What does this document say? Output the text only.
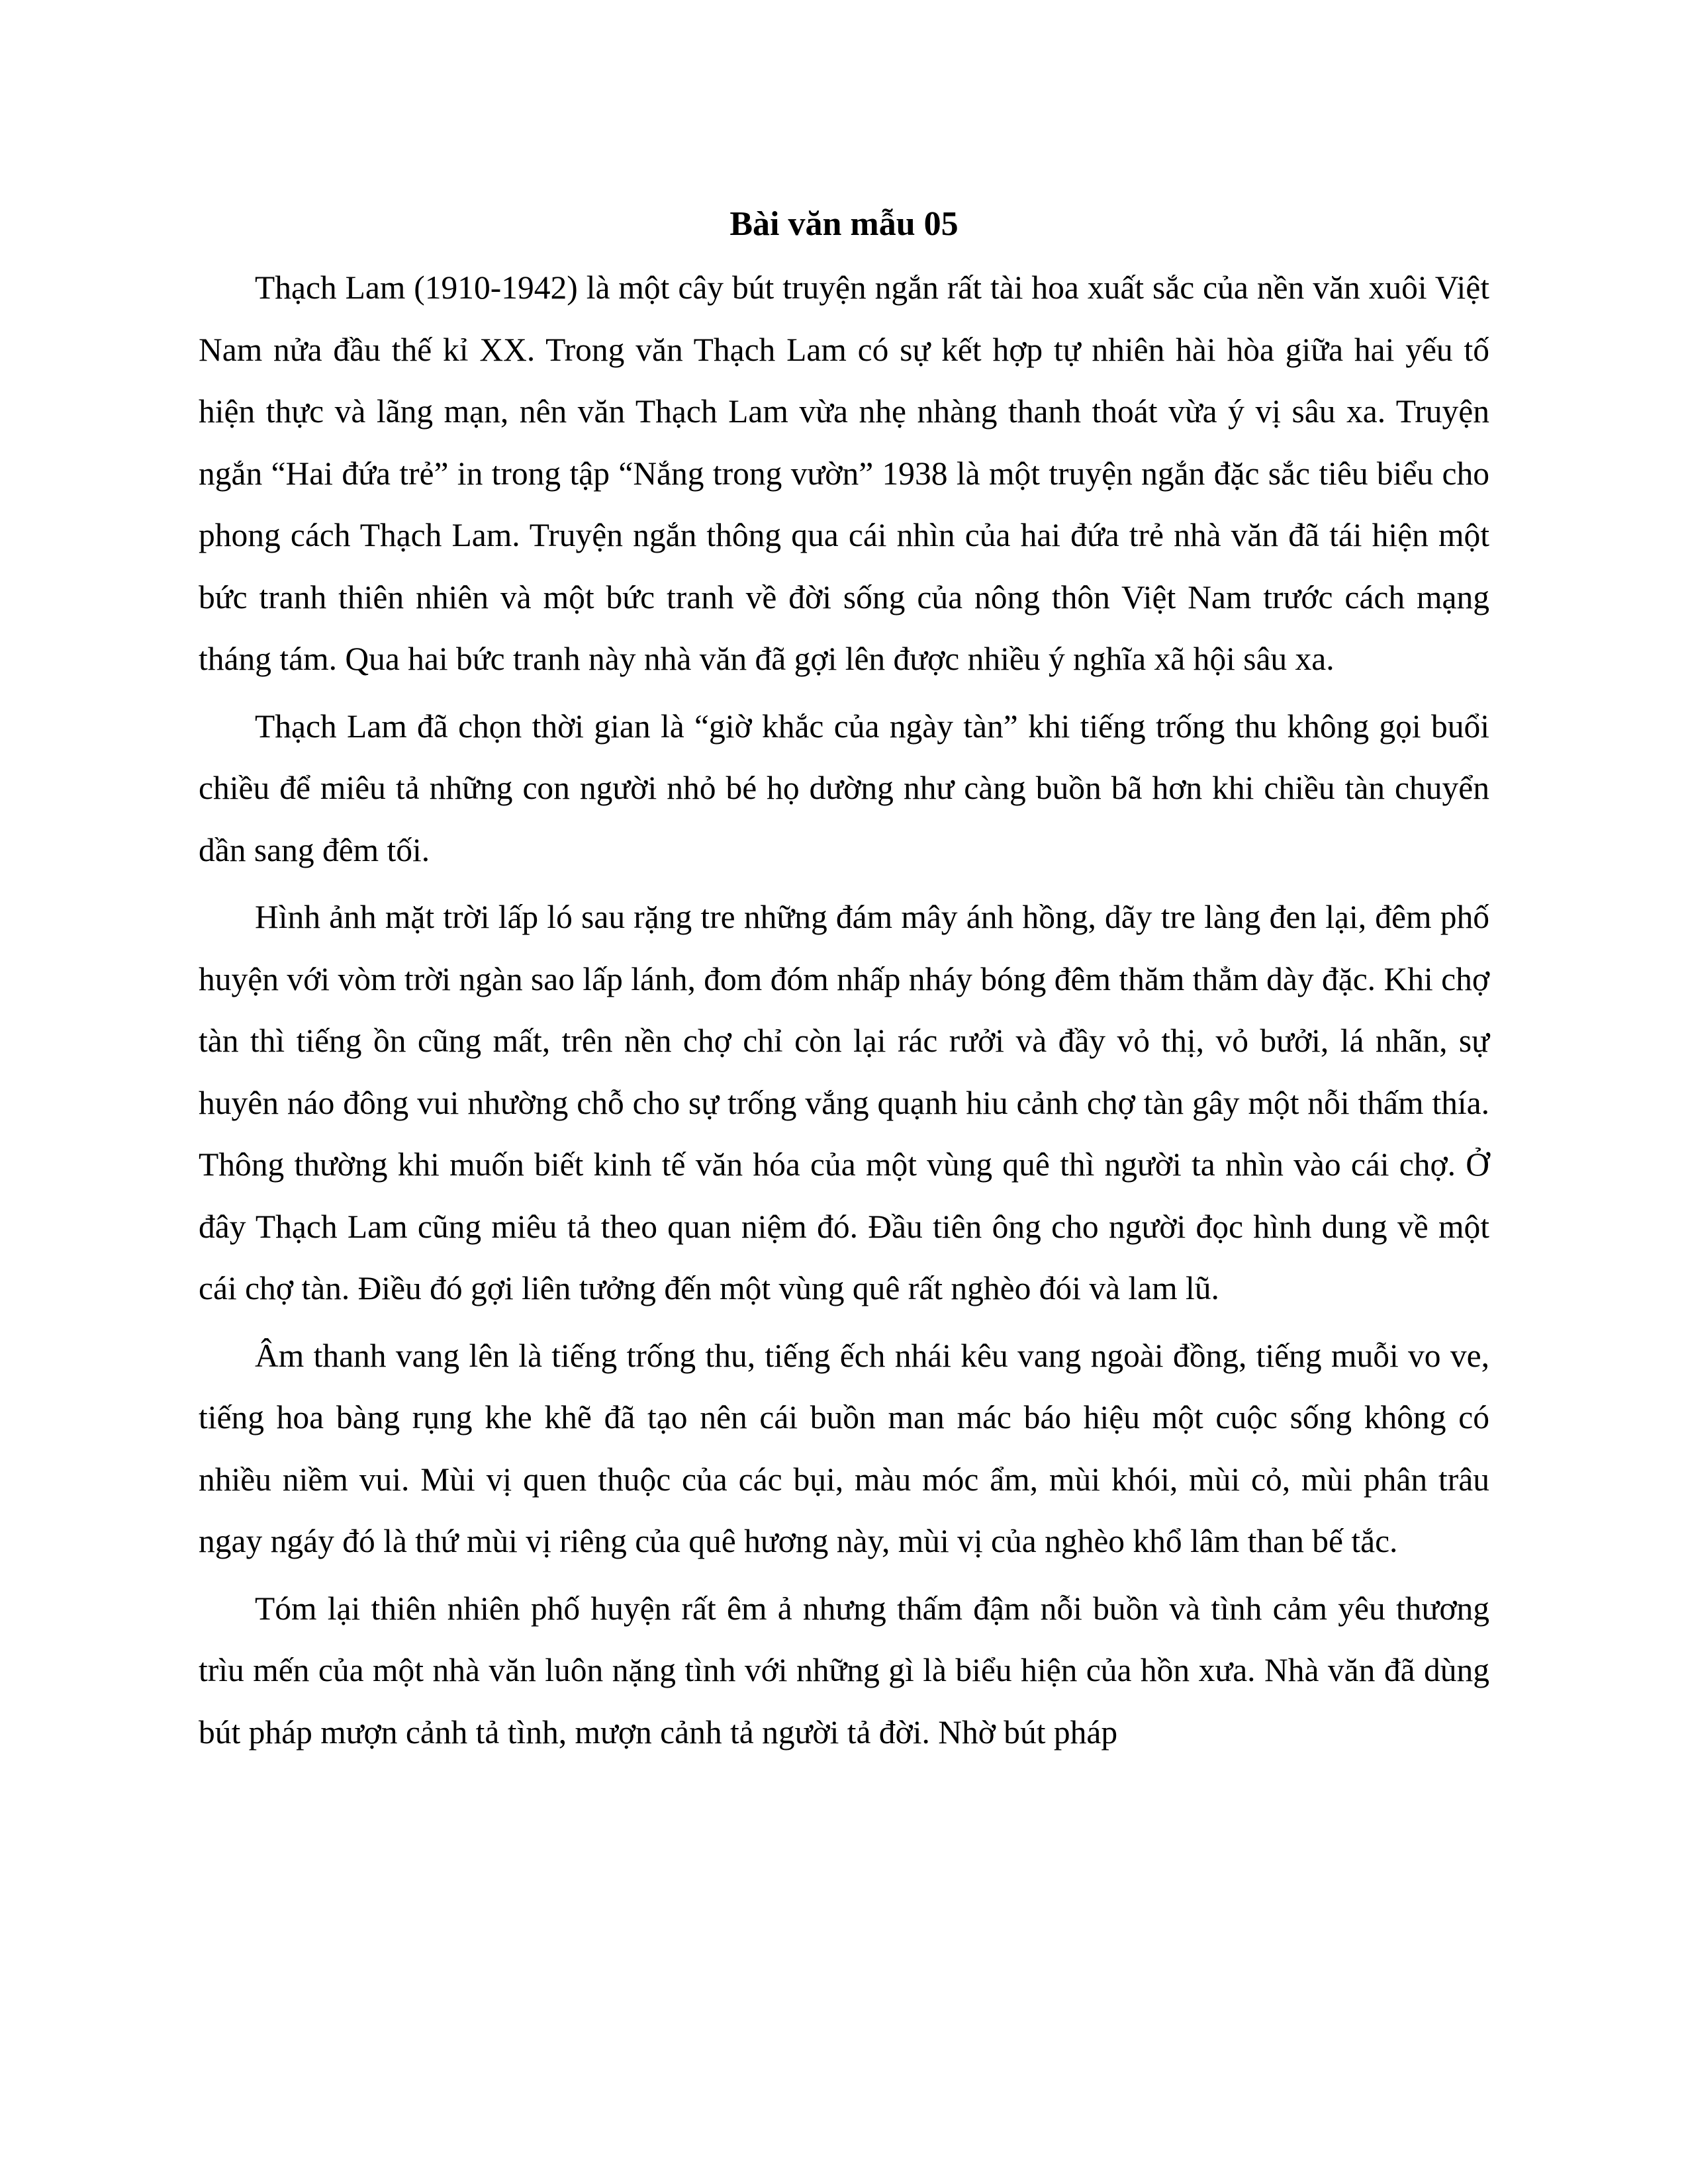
Bài văn mẫu 05

Thạch Lam (1910-1942) là một cây bút truyện ngắn rất tài hoa xuất sắc của nền văn xuôi Việt Nam nửa đầu thế kỉ XX. Trong văn Thạch Lam có sự kết hợp tự nhiên hài hòa giữa hai yếu tố hiện thực và lãng mạn, nên văn Thạch Lam vừa nhẹ nhàng thanh thoát vừa ý vị sâu xa. Truyện ngắn “Hai đứa trẻ” in trong tập “Nắng trong vườn” 1938 là một truyện ngắn đặc sắc tiêu biểu cho phong cách Thạch Lam. Truyện ngắn thông qua cái nhìn của hai đứa trẻ nhà văn đã tái hiện một bức tranh thiên nhiên và một bức tranh về đời sống của nông thôn Việt Nam trước cách mạng tháng tám. Qua hai bức tranh này nhà văn đã gợi lên được nhiều ý nghĩa xã hội sâu xa.

Thạch Lam đã chọn thời gian là “giờ khắc của ngày tàn” khi tiếng trống thu không gọi buổi chiều để miêu tả những con người nhỏ bé họ dường như càng buồn bã hơn khi chiều tàn chuyển dần sang đêm tối.

Hình ảnh mặt trời lấp ló sau rặng tre những đám mây ánh hồng, dãy tre làng đen lại, đêm phố huyện với vòm trời ngàn sao lấp lánh, đom đóm nhấp nháy bóng đêm thăm thẳm dày đặc. Khi chợ tàn thì tiếng ồn cũng mất, trên nền chợ chỉ còn lại rác rưởi và đầy vỏ thị, vỏ bưởi, lá nhãn, sự huyên náo đông vui nhường chỗ cho sự trống vắng quạnh hiu cảnh chợ tàn gây một nỗi thấm thía. Thông thường khi muốn biết kinh tế văn hóa của một vùng quê thì người ta nhìn vào cái chợ. Ở đây Thạch Lam cũng miêu tả theo quan niệm đó. Đầu tiên ông cho người đọc hình dung về một cái chợ tàn. Điều đó gợi liên tưởng đến một vùng quê rất nghèo đói và lam lũ.

Âm thanh vang lên là tiếng trống thu, tiếng ếch nhái kêu vang ngoài đồng, tiếng muỗi vo ve, tiếng hoa bàng rụng khe khẽ đã tạo nên cái buồn man mác báo hiệu một cuộc sống không có nhiều niềm vui. Mùi vị quen thuộc của các bụi, màu móc ẩm, mùi khói, mùi cỏ, mùi phân trâu ngay ngáy đó là thứ mùi vị riêng của quê hương này, mùi vị của nghèo khổ lâm than bế tắc.

Tóm lại thiên nhiên phố huyện rất êm ả nhưng thấm đậm nỗi buồn và tình cảm yêu thương trìu mến của một nhà văn luôn nặng tình với những gì là biểu hiện của hồn xưa. Nhà văn đã dùng bút pháp mượn cảnh tả tình, mượn cảnh tả người tả đời. Nhờ bút pháp
